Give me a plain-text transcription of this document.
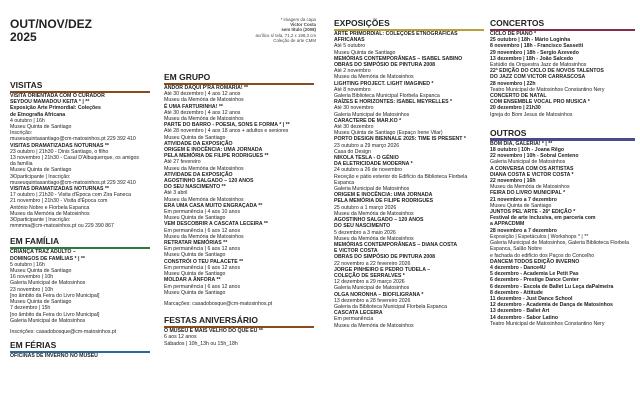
OUT/NOV/DEZ
2025
VISITAS

VISITA ORIENTADA COM O CURADOR

SEYDOU MAMADOU KEITA * | **

Exposição Arte Primordial: Coleções

de Etnografia Africana

4 outubro | 16h

Museu Quinta de Santiago

Inscrição:

museuquintasantiago@cm-matosinhos.pt 229 392 410

VISITAS DRAMATIZADAS NOTURNAS **

23 outubro | 21h30 - Dinis Santiago, o filho

13 novembro | 21h30 - Casal D'Albuquerque, os amigos

da família

Museu Quinta de Santiago

3€/participante | Inscrição:

museuquintasantiago@cm-matosinhos.pt 229 392 410

VISITAS DRAMATIZADAS NOTURNAS **

17 outubro | 21h30 - Visita d'Época com Zira Faneca

21 novembro | 21h30 - Visita d'Época com

António Nobre e Florbela Espanca

Museu da Memória de Matosinhos

3€/participante | Inscrição:

mmmma@cm-matosinhos.pt ou 229 390 867

EM FAMÍLIA

CRIANÇA TRAZ ADULTO –

DOMINGOS DE FAMÍLIAS * | **

5 outubro | 16h

Museu Quinta de Santiago

16 novembro | 10h

Galeria Municipal de Matosinhos

23 novembro | 10h

[no âmbito da Feira do Livro Municipal]

Museu Quinta de Santiago

7 dezembro | 15h

[no âmbito da Feira do Livro Municipal]

Galeria Municipal de Matosinhos

Inscrições: casadobosque@cm-matosinhos.pt

EM FÉRIAS

OFICINAS DE INVERNO NO MUSEU

* imagem da capa
Victor Costa
sem título (2008)
acrílico s/ tela, 71,2 x 198,3 cm
Coleção de arte CMM
EM GRUPO

ANDOR DAQUI P'RA ROMARIA! **

Até 30 dezembro | 4 aos 12 anos

Museu da Memória de Matosinhos

É UMA FARTURINHA! **

Até 30 dezembro | 4 aos 12 anos

Museu da Memória de Matosinhos

PARTE DO BARRO - POESIA, SONS E FORMA * | **

Até 28 novembro | 4 aos 18 anos + adultos e seniores

Museu Quinta de Santiago

ATIVIDADE DA EXPOSIÇÃO

ORIGEM E INOCÊNCIA: UMA JORNADA

PELA MEMÓRIA DE FILIPE RODRIGUES **

Até 27 fevereiro

Museu da Memória de Matosinhos

ATIVIDADE DA EXPOSIÇÃO

AGOSTINHO SALGADO – 120 ANOS

DO SEU NASCIMENTO **

Até 3 abril

Museu da Memória de Matosinhos

ERA UMA CASA MUITO ENGRAÇADA **

Em permanência | 4 aos 10 anos

Museu Quinta de Santiago

VEM DESCOBRIR A CASCATA LECEIRA **

Em permanência | 6 aos 12 anos

Museu da Memória de Matosinhos

RETRATAR MEMÓRIAS **

Em permanência | 6 aos 12 anos

Museu Quinta de Santiago

CONSTRÓI O TEU PALACETE **

Em permanência | 6 aos 12 anos

Museu Quinta de Santiago

MOLDAR A ÂNFORA **

Em permanência | 6 aos 12 anos

Museu Quinta de Santiago

Marcações: casadobosque@cm-matosinhos.pt

FESTAS ANIVERSÁRIO

O MUSEU É MAIS VELHO DO QUE EU **

6 aos 12 anos

Sábados | 10h_13h ou 15h_18h

EXPOSIÇÕES

ARTE PRIMORDIAL: COLEÇÕES ETNOGRÁFICAS

AFRICANAS

Até 5 outubro

Museu Quinta de Santiago

MEMÓRIAS CONTEMPORÂNEAS – ISABEL SABINO

OBRAS DO SIMPÓSIO DE PINTURA 2008

Até 2 novembro

Museu da Memória de Matosinhos

LIGHTING PROJECT. LIGHT IMAGINED *

Até 8 novembro

Galeria Biblioteca Municipal Florbela Espanca

RAÍZES E HORIZONTES: ISABEL MEYRELLES *

Até 30 novembro

Galeria Municipal de Matosinhos

CARACTERE DE MAR.KO *

Até 30 dezembro

Museu Quinta de Santiago (Espaço Irene Vilar)

PORTO DESIGN BIENNALE 2025: TIME IS PRESENT *

23 outubro a 29 março 2026

Casa do Design

NIKOLA TESLA - O GÉNIO

DA ELETRICIDADE MODERNA *

24 outubro a 26 de novembro

Receção e pátio exterior do Edifício da Biblioteca Florbela Espanca

Galeria Municipal de Matosinhos

ORIGEM E INOCÊNCIA: UMA JORNADA

PELA MEMÓRIA DE FILIPE RODRIGUES

25 outubro a 1 março 2026

Museu da Memória de Matosinhos

AGOSTINHO SALGADO – 120 ANOS

DO SEU NASCIMENTO

5 dezembro a 3 maio 2026

Museu da Memória de Matosinhos

MEMÓRIAS CONTEMPORÂNEAS – DIANA COSTA

E VICTOR COSTA

OBRAS DO SIMPÓSIO DE PINTURA 2008

22 novembro a 22 fevereiro 2026

JORGE PINHEIRO E PEDRO TUDELA –

COLEÇÃO DE SERRALVES *

12 dezembro a 29 março 2026

Galeria Municipal de Matosinhos

OLGA NORONHA – BIOFILIGRANA *

13 dezembro a 28 fevereiro 2026

Galeria da Biblioteca Municipal Florbela Espanca

CASCATA LECEIRA

Em permanência

Museu da Memória de Matosinhos

CONCERTOS

CICLO DE PIANO *

25 outubro | 18h - Mário Loginha

8 novembro | 18h - Francisco Sassetti

29 novembro | 18h - Sergio Azevedo

13 dezembro | 18h - João Salcedo

Estúdio da Orquestra Jazz de Matosinhos

22ª EDIÇÃO DO CICLO DE NOVOS TALENTOS

DO JAZZ COM VICTOR CARRASCOSA

28 novembro | 22h

Teatro Municipal de Matosinhos Constantino Nery

CONCERTO DE NATAL

COM ENSEMBLE VOCAL PRO MUSICA *

20 dezembro | 21h30

Igreja do Bom Jesus de Matosinhos

OUTROS

BOM DIA, GALERIA! * | **

18 outubro | 10h - Joana Rêgo

22 novembro | 10h - Sobral Centeno

Galeria Municipal de Matosinhos

A CONVERSA COM OS ARTISTAS

DIANA COSTA E VICTOR COSTA *

22 novembro | 16h

Museu da Memória de Matosinhos

FEIRA DO LIVRO MUNICIPAL *

21 novembro a 7 dezembro

Museu Quinta de Santiago

JUNTOS PEL'ARTE - 26ª EDIÇÃO *

Festival de arte inclusiva, em parceria com

a APPACDMM

28 novembro a 7 dezembro

Exposição | Espetáculos | Workshops * | **

Galeria Municipal de Matosinhos, Galeria Biblioteca Florbela Espanca, Salão Nobre

e fachada do edifício dos Paços do Concelho

DANCEM TODOS EDIÇÃO INVERNO

4 dezembro - Dance4U

5 dezembro - Academia Le Petit Pas

6 dezembro - Prestige Dance Center

6 dezembro - Escola de Ballet Lu Leça daPalmeira

8 dezembro - Attitude

11 dezembro - Just Dance School

12 dezembro - Academia de Dança de Matosinhos

13 dezembro - Ballet Art

14 dezembro - Sabor Latino

Teatro Municipal de Matosinhos Constantino Nery
